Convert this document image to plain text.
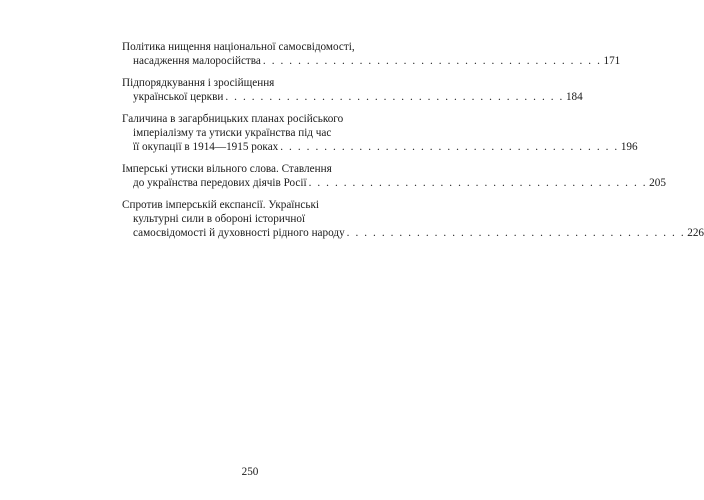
Політика нищення національної самосвідомості,
насадження малоросійства . . . . . . . . . . . . . . . . . . . . . . . . . . . . . . . . . . . . . . . 171
Підпорядкування і зросійщення
української церкви . . . . . . . . . . . . . . . . . . . . . . . . . . . . . . . . . . . . . . . 184
Галичина в загарбницьких планах російського
імперіалізму та утиски українства під час
її окупації в 1914—1915 роках . . . . . . . . . . . . . . . . . . . . . . . . . . . . . . . . . . . . . . . 196
Імперські утиски вільного слова. Ставлення
до українства передових діячів Росії . . . . . . . . . . . . . . . . . . . . . . . . . . . . . . . . . . . . . . . 205
Спротив імперській експансії. Українські
культурні сили в обороні історичної
самосвідомості й духовності рідного народу . . . . . . . . . . . . . . . . . . . . . . . . . . . . . . . . . . . . . . . 226
250
